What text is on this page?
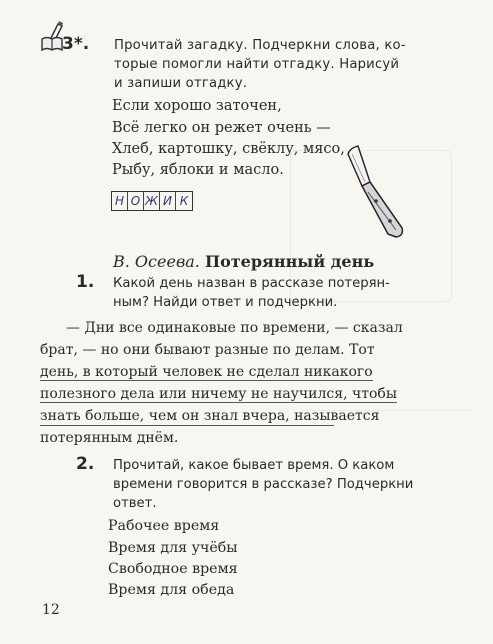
3*. Прочитай загадку. Подчеркни слова, ко-
торые помогли найти отгадку. Нарисуй
и запиши отгадку.
Если хорошо заточен,
Всё легко он режет очень —
Хлеб, картошку, свёклу, мясо,
Рыбу, яблоки и масло.
Н О Ж И К
В. Осеева. Потерянный день
1. Какой день назван в рассказе потерян-
ным? Найди ответ и подчеркни.
— Дни все одинаковые по времени, — сказал
брат, — но они бывают разные по делам. Тот
день, в который человек не сделал никакого
полезного дела или ничему не научился, чтобы
знать больше, чем он знал вчера, называется
потерянным днём.
2. Прочитай, какое бывает время. О каком
времени говорится в рассказе? Подчеркни
ответ.
Рабочее время
Время для учёбы
Свободное время
Время для обеда
12
